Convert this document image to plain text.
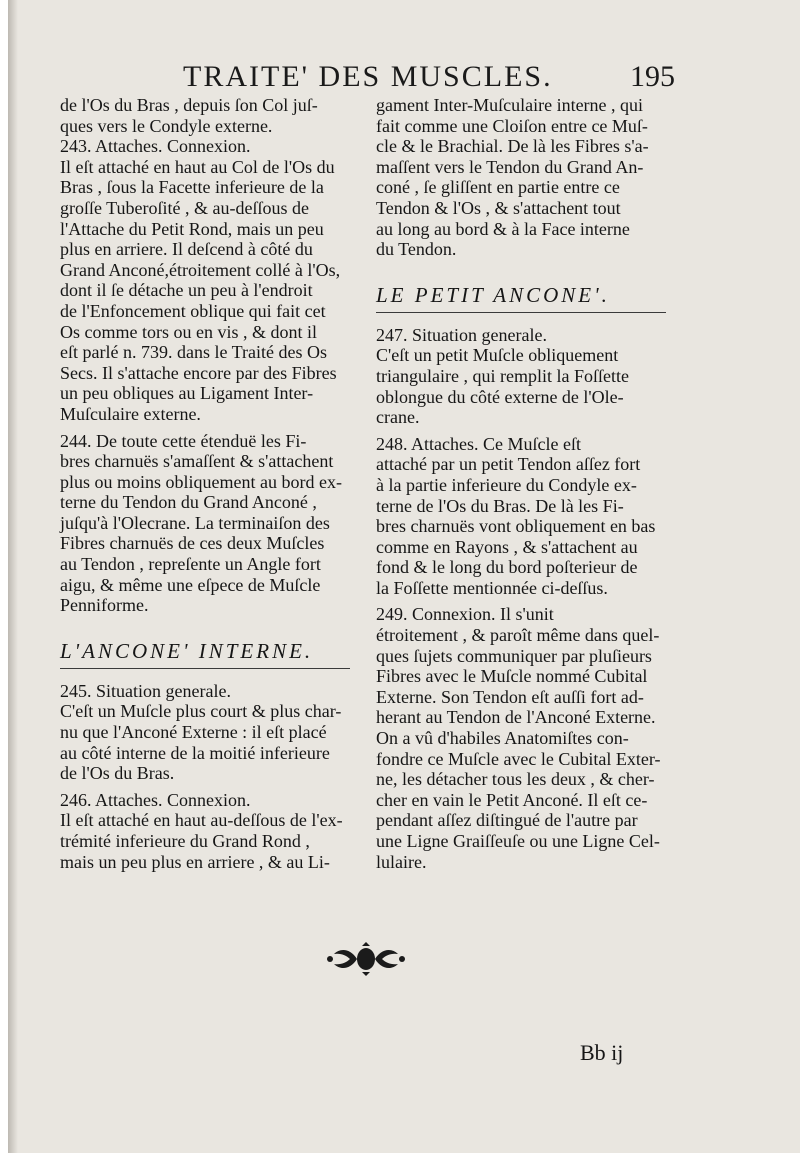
TRAITE' DES MUSCLES.	195
de l'Os du Bras , depuis ſon Col juſ-
ques vers le Condyle externe.
243. Attaches. Connexion.
Il eſt attaché en haut au Col de l'Os du
Bras , ſous la Facette inferieure de la
groſſe Tuberoſité , & au-deſſous de
l'Attache du Petit Rond, mais un peu
plus en arriere. Il deſcend à côté du
Grand Anconé,étroitement collé à l'Os,
dont il ſe détache un peu à l'endroit
de l'Enfoncement oblique qui fait cet
Os comme tors ou en vis , & dont il
eſt parlé n. 739. dans le Traité des Os
Secs. Il s'attache encore par des Fibres
un peu obliques au Ligament Inter-
Muſculaire externe.
244. De toute cette étenduë les Fi-
bres charnuës s'amaſſent & s'attachent
plus ou moins obliquement au bord ex-
terne du Tendon du Grand Anconé ,
juſqu'à l'Olecrane. La terminaiſon des
Fibres charnuës de ces deux Muſcles
au Tendon , repreſente un Angle fort
aigu, & même une eſpece de Muſcle
Penniforme.
L'ANCONE' INTERNE.
245. Situation generale.
C'eſt un Muſcle plus court & plus char-
nu que l'Anconé Externe : il eſt placé
au côté interne de la moitié inferieure
de l'Os du Bras.
246. Attaches. Connexion.
Il eſt attaché en haut au-deſſous de l'ex-
trémité inferieure du Grand Rond ,
mais un peu plus en arriere , & au Li-
gament Inter-Muſculaire interne , qui
fait comme une Cloiſon entre ce Muſ-
cle & le Brachial. De là les Fibres s'a-
maſſent vers le Tendon du Grand An-
coné , ſe gliſſent en partie entre ce
Tendon & l'Os , & s'attachent tout
au long au bord & à la Face interne
du Tendon.
LE PETIT ANCONE'.
247. Situation generale.
C'eſt un petit Muſcle obliquement
triangulaire , qui remplit la Foſſette
oblongue du côté externe de l'Ole-
crane.
248. Attaches. Ce Muſcle eſt
attaché par un petit Tendon aſſez fort
à la partie inferieure du Condyle ex-
terne de l'Os du Bras. De là les Fi-
bres charnuës vont obliquement en bas
comme en Rayons , & s'attachent au
fond & le long du bord poſterieur de
la Foſſette mentionnée ci-deſſus.
249. Connexion. Il s'unit
étroitement , & paroît même dans quel-
ques ſujets communiquer par pluſieurs
Fibres avec le Muſcle nommé Cubital
Externe. Son Tendon eſt auſſi fort ad-
herant au Tendon de l'Anconé Externe.
On a vû d'habiles Anatomiſtes con-
fondre ce Muſcle avec le Cubital Exter-
ne, les détacher tous les deux , & cher-
cher en vain le Petit Anconé. Il eſt ce-
pendant aſſez diſtingué de l'autre par
une Ligne Graiſſeuſe ou une Ligne Cel-
lulaire.
Bb ij
